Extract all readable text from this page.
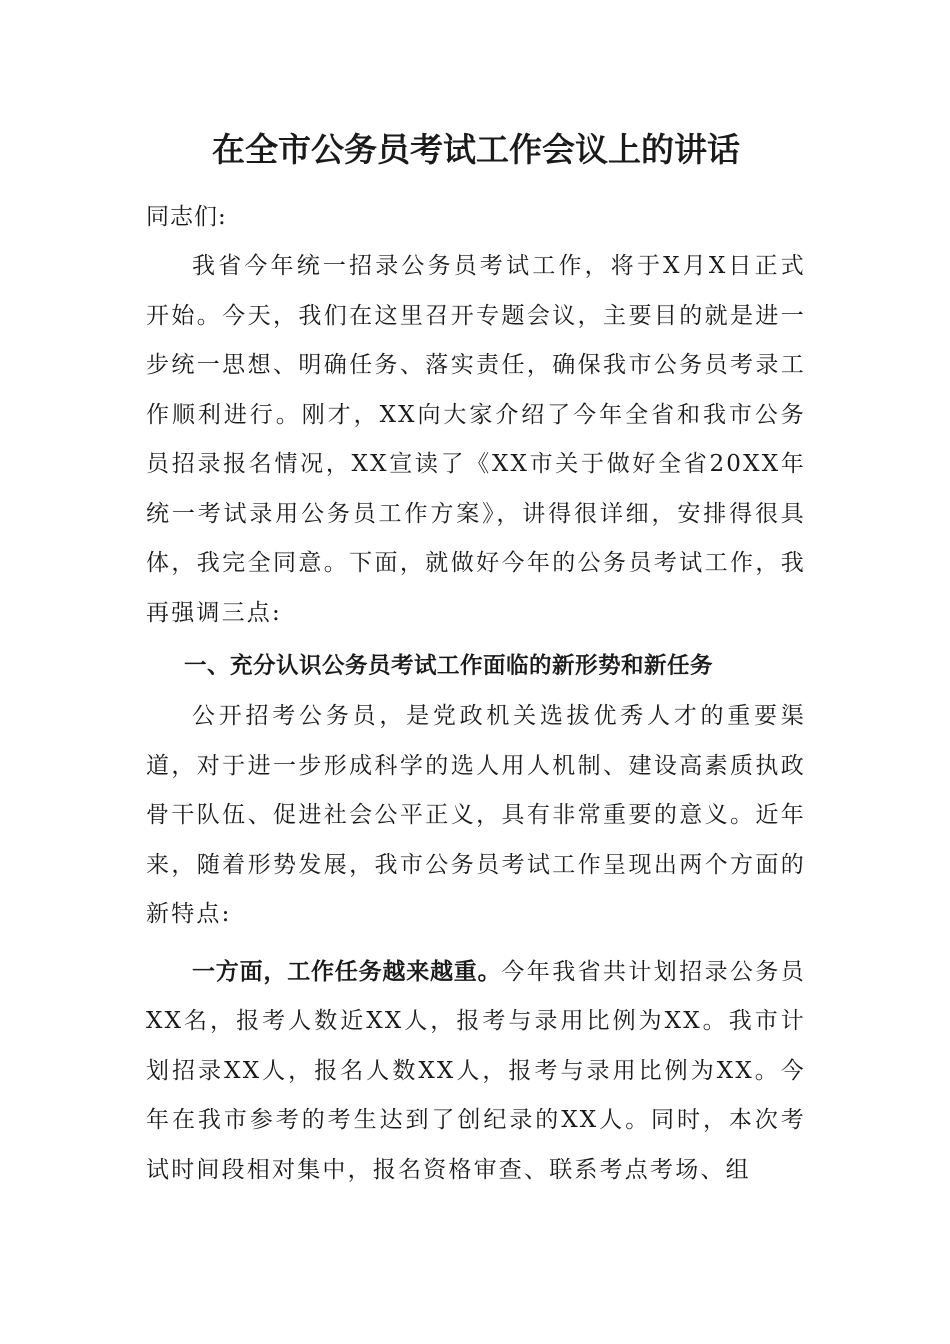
在全市公务员考试工作会议上的讲话

同志们:

我省今年统一招录公务员考试工作，将于X月X日正式开始。今天，我们在这里召开专题会议，主要目的就是进一步统一思想、明确任务、落实责任，确保我市公务员考录工作顺利进行。刚才，XX向大家介绍了今年全省和我市公务员招录报名情况，XX宣读了《XX市关于做好全省20XX年统一考试录用公务员工作方案》，讲得很详细，安排得很具体，我完全同意。下面，就做好今年的公务员考试工作，我再强调三点:

一、充分认识公务员考试工作面临的新形势和新任务

公开招考公务员，是党政机关选拔优秀人才的重要渠道，对于进一步形成科学的选人用人机制、建设高素质执政骨干队伍、促进社会公平正义，具有非常重要的意义。近年来，随着形势发展，我市公务员考试工作呈现出两个方面的新特点:

一方面，工作任务越来越重。今年我省共计划招录公务员XX名，报考人数近XX人，报考与录用比例为XX。我市计划招录XX人，报名人数XX人，报考与录用比例为XX。今年在我市参考的考生达到了创纪录的XX人。同时，本次考试时间段相对集中，报名资格审查、联系考点考场、组
